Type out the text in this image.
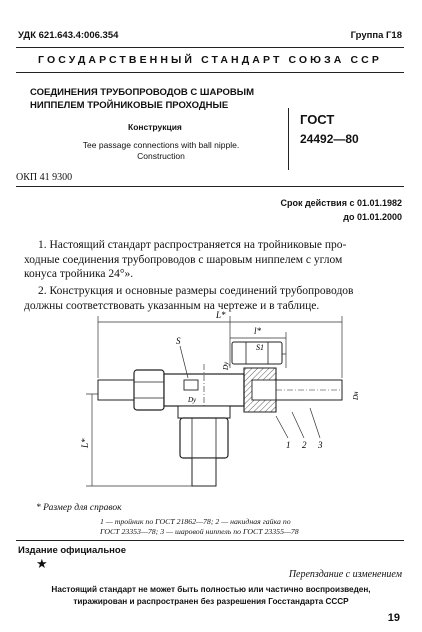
УДК 621.643.4:006.354	Группа Г18
ГОСУДАРСТВЕННЫЙ СТАНДАРТ СОЮЗА ССР
СОЕДИНЕНИЯ ТРУБОПРОВОДОВ С ШАРОВЫМ
НИППЕЛЕМ ТРОЙНИКОВЫЕ ПРОХОДНЫЕ
Конструкция
Tee passage connections with ball nipple.
Construction
ГОСТ
24492—80
ОКП 41 9300
Срок действия с 01.01.1982
до 01.01.2000
1. Настоящий стандарт распространяется на тройниковые про-
ходные соединения трубопроводов с шаровым ниппелем с углом
конуса тройника 24°».
2. Конструкция и основные размеры соединений трубопроводов
должны соответствовать указанным на чертеже и в таблице.
L*
l*
S
S1
Dy
Dy	Dн
L*	1 2 3
* Размер для справок
1 — тройник по ГОСТ 21862—78; 2 — накидная гайка по
ГОСТ 23353—78; 3 — шаровой ниппель по ГОСТ 23355—78
Издание официальное
★
Перепздание с изменением
Настоящий стандарт не может быть полностью или частично воспроизведен,
тиражирован и распространен без разрешения Госстандарта СССР
19
